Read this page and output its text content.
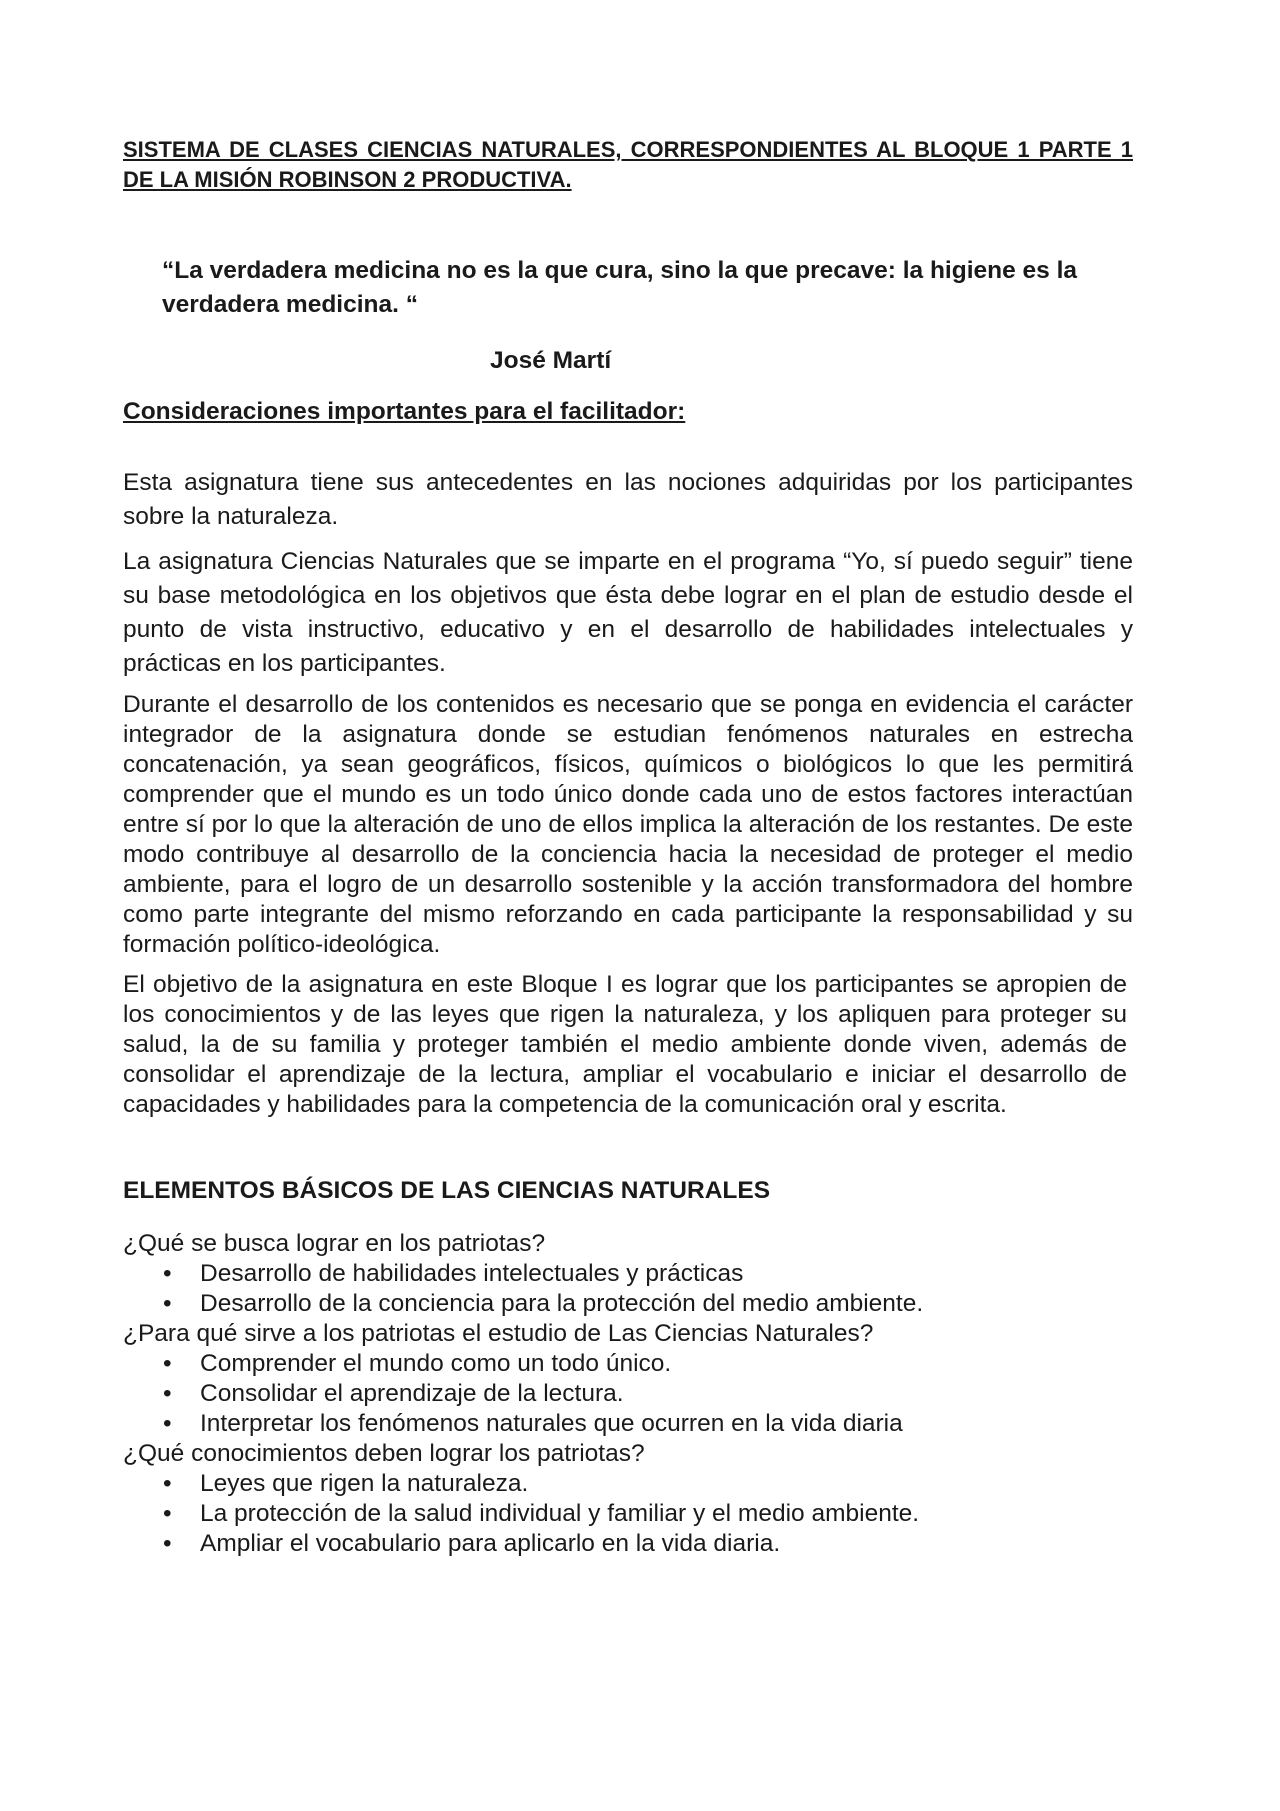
SISTEMA DE CLASES CIENCIAS NATURALES, CORRESPONDIENTES AL BLOQUE 1 PARTE 1 DE LA MISIÓN ROBINSON 2 PRODUCTIVA.

“La verdadera medicina no es la que cura, sino la que precave: la higiene es la verdadera medicina. “

José Martí

Consideraciones importantes para el facilitador:

Esta asignatura tiene sus antecedentes en las nociones adquiridas por los participantes sobre la naturaleza.

La asignatura Ciencias Naturales que se imparte en el programa “Yo, sí puedo seguir” tiene su base metodológica en los objetivos que ésta debe lograr en el plan de estudio desde el punto de vista instructivo, educativo y en el desarrollo de habilidades intelectuales y prácticas en los participantes.

Durante el desarrollo de los contenidos es necesario que se ponga en evidencia el carácter integrador de la asignatura donde se estudian fenómenos naturales en estrecha concatenación, ya sean geográficos, físicos, químicos o biológicos lo que les permitirá comprender que el mundo es un todo único donde cada uno de estos factores interactúan entre sí por lo que la alteración de uno de ellos implica la alteración de los restantes. De este modo contribuye al desarrollo de la conciencia hacia la necesidad de proteger el medio ambiente, para el logro de un desarrollo sostenible y la acción transformadora del hombre como parte integrante del mismo reforzando en cada participante la responsabilidad y su formación político-ideológica.

El objetivo de la asignatura en este Bloque I es lograr que los participantes se apropien de los conocimientos y de las leyes que rigen la naturaleza, y los apliquen para proteger su salud, la de su familia y proteger también el medio ambiente donde viven, además de consolidar el aprendizaje de la lectura, ampliar el vocabulario e iniciar el desarrollo de capacidades y habilidades para la competencia de la comunicación oral y escrita.

ELEMENTOS BÁSICOS DE LAS CIENCIAS NATURALES

¿Qué se busca lograr en los patriotas?

• Desarrollo de habilidades intelectuales y prácticas
• Desarrollo de la conciencia para la protección del medio ambiente.

¿Para qué sirve a los patriotas el estudio de Las Ciencias Naturales?

• Comprender el mundo como un todo único.
• Consolidar el aprendizaje de la lectura.
• Interpretar los fenómenos naturales que ocurren en la vida diaria

¿Qué conocimientos deben lograr los patriotas?

• Leyes que rigen la naturaleza.
• La protección de la salud individual y familiar y el medio ambiente.
• Ampliar el vocabulario para aplicarlo en la vida diaria.
